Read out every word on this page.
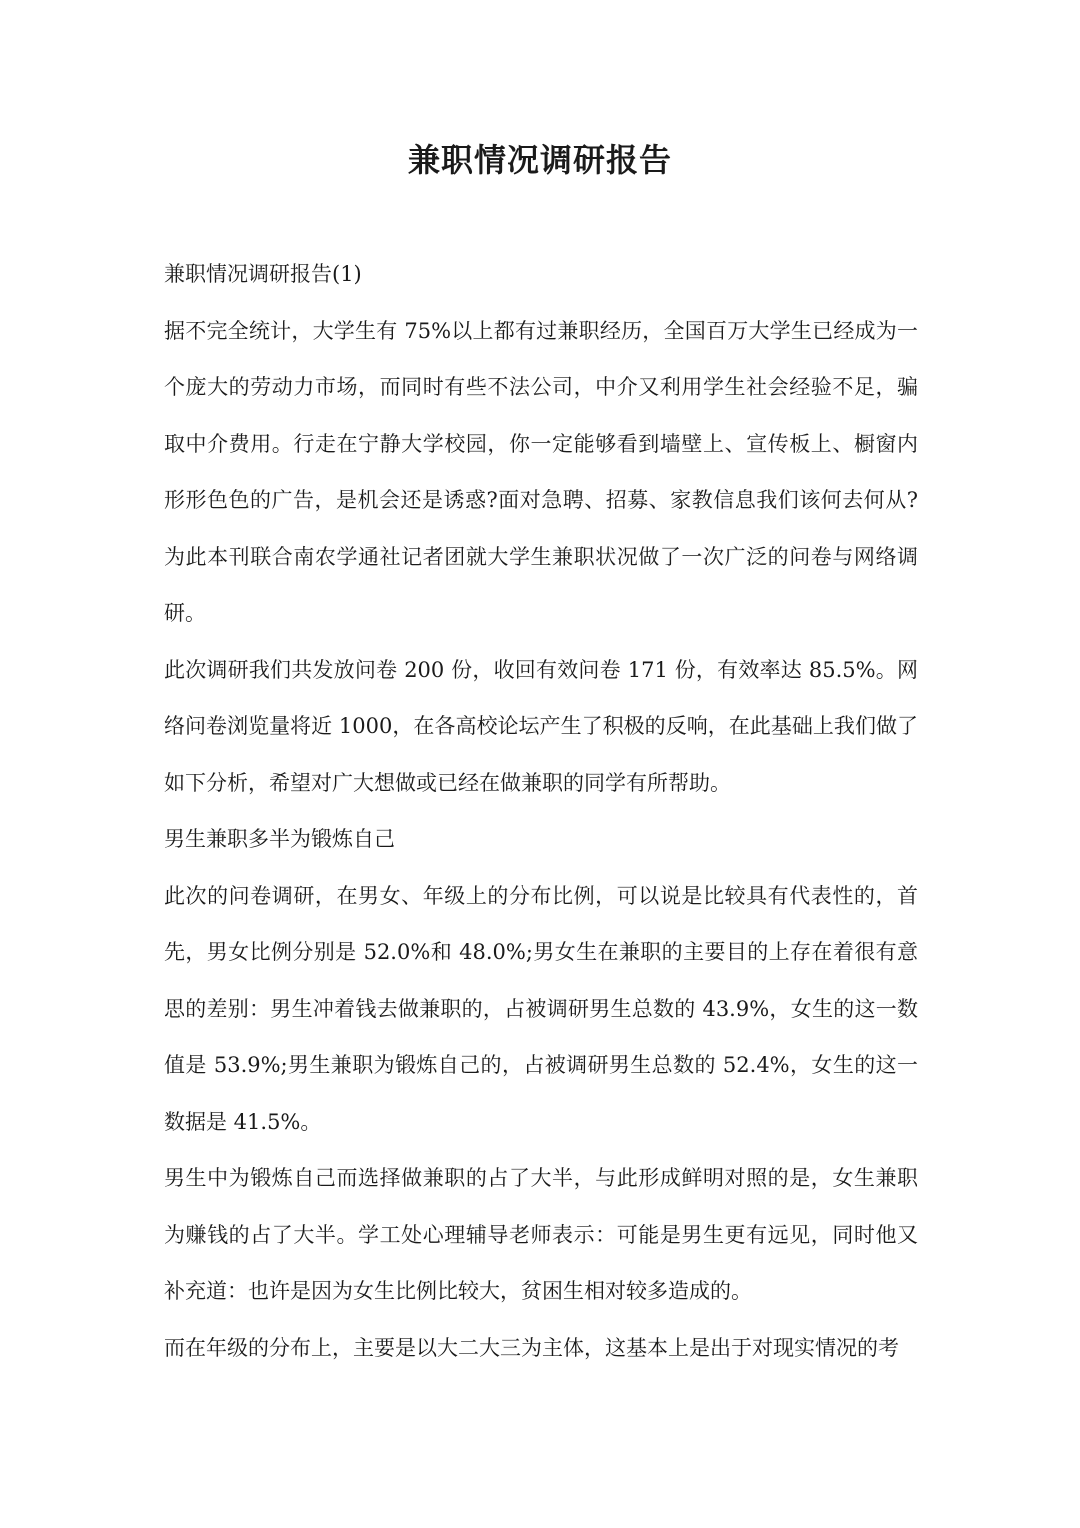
兼职情况调研报告

兼职情况调研报告(1)

据不完全统计，大学生有 75%以上都有过兼职经历，全国百万大学生已经成为一个庞大的劳动力市场，而同时有些不法公司，中介又利用学生社会经验不足，骗取中介费用。行走在宁静大学校园，你一定能够看到墙壁上、宣传板上、橱窗内形形色色的广告，是机会还是诱惑?面对急聘、招募、家教信息我们该何去何从?为此本刊联合南农学通社记者团就大学生兼职状况做了一次广泛的问卷与网络调研。

此次调研我们共发放问卷 200 份，收回有效问卷 171 份，有效率达 85.5%。网络问卷浏览量将近 1000，在各高校论坛产生了积极的反响，在此基础上我们做了如下分析，希望对广大想做或已经在做兼职的同学有所帮助。

男生兼职多半为锻炼自己

此次的问卷调研，在男女、年级上的分布比例，可以说是比较具有代表性的，首先，男女比例分别是 52.0%和 48.0%;男女生在兼职的主要目的上存在着很有意思的差别：男生冲着钱去做兼职的，占被调研男生总数的 43.9%，女生的这一数值是 53.9%;男生兼职为锻炼自己的，占被调研男生总数的 52.4%，女生的这一数据是 41.5%。

男生中为锻炼自己而选择做兼职的占了大半，与此形成鲜明对照的是，女生兼职为赚钱的占了大半。学工处心理辅导老师表示：可能是男生更有远见，同时他又补充道：也许是因为女生比例比较大，贫困生相对较多造成的。

而在年级的分布上，主要是以大二大三为主体，这基本上是出于对现实情况的考
